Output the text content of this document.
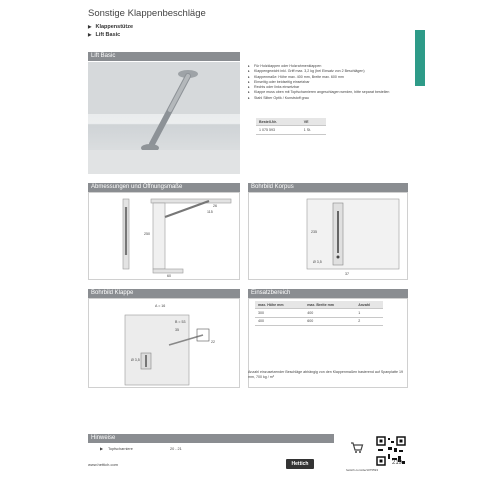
Sonstige Klappenbeschläge
▶ Klappenstütze
▶ Lift Basic
Lift Basic
▸ Für Holzklappen oder Holzrahmenklappen
▸ Klappengewicht inkl. Griff max. 3,2 kg (bei Einsatz von 2 Beschlägen)
▸ Klappenmaße: Höhe max. 400 mm, Breite max. 600 mm
▸ Einseitig oder beidseitig einsetzbar
▸ Rechts oder links einsetzbar
▸ Klappe muss oben mit Topfscharnieren angeschlagen werden, bitte separat bestellen
▸ Stahl Silber Optik / Kunststoff grau
Bestell-Nr.	VE
1 075 593	1 St.
Abmessungen und Öffnungsmaße
26
250
60
115
Bohrbild Korpus
235
Ø 3,5
37
Bohrbild Klappe
A = 16
B = 53
35
22
Ø 3,5
Einsatzbereich
max. Höhe mm	max. Breite mm	Anzahl
300	400	1
400	600	2
Anzahl einzusetzender Beschläge abhängig von den Klappenmaßen basierend auf Spanplatte 19 mm, 700 kg / m³
Hinweise
▶ Topfscharniere	20 - 21
hettich.com/de/1075593
www.hettich.com	Hettich	219
